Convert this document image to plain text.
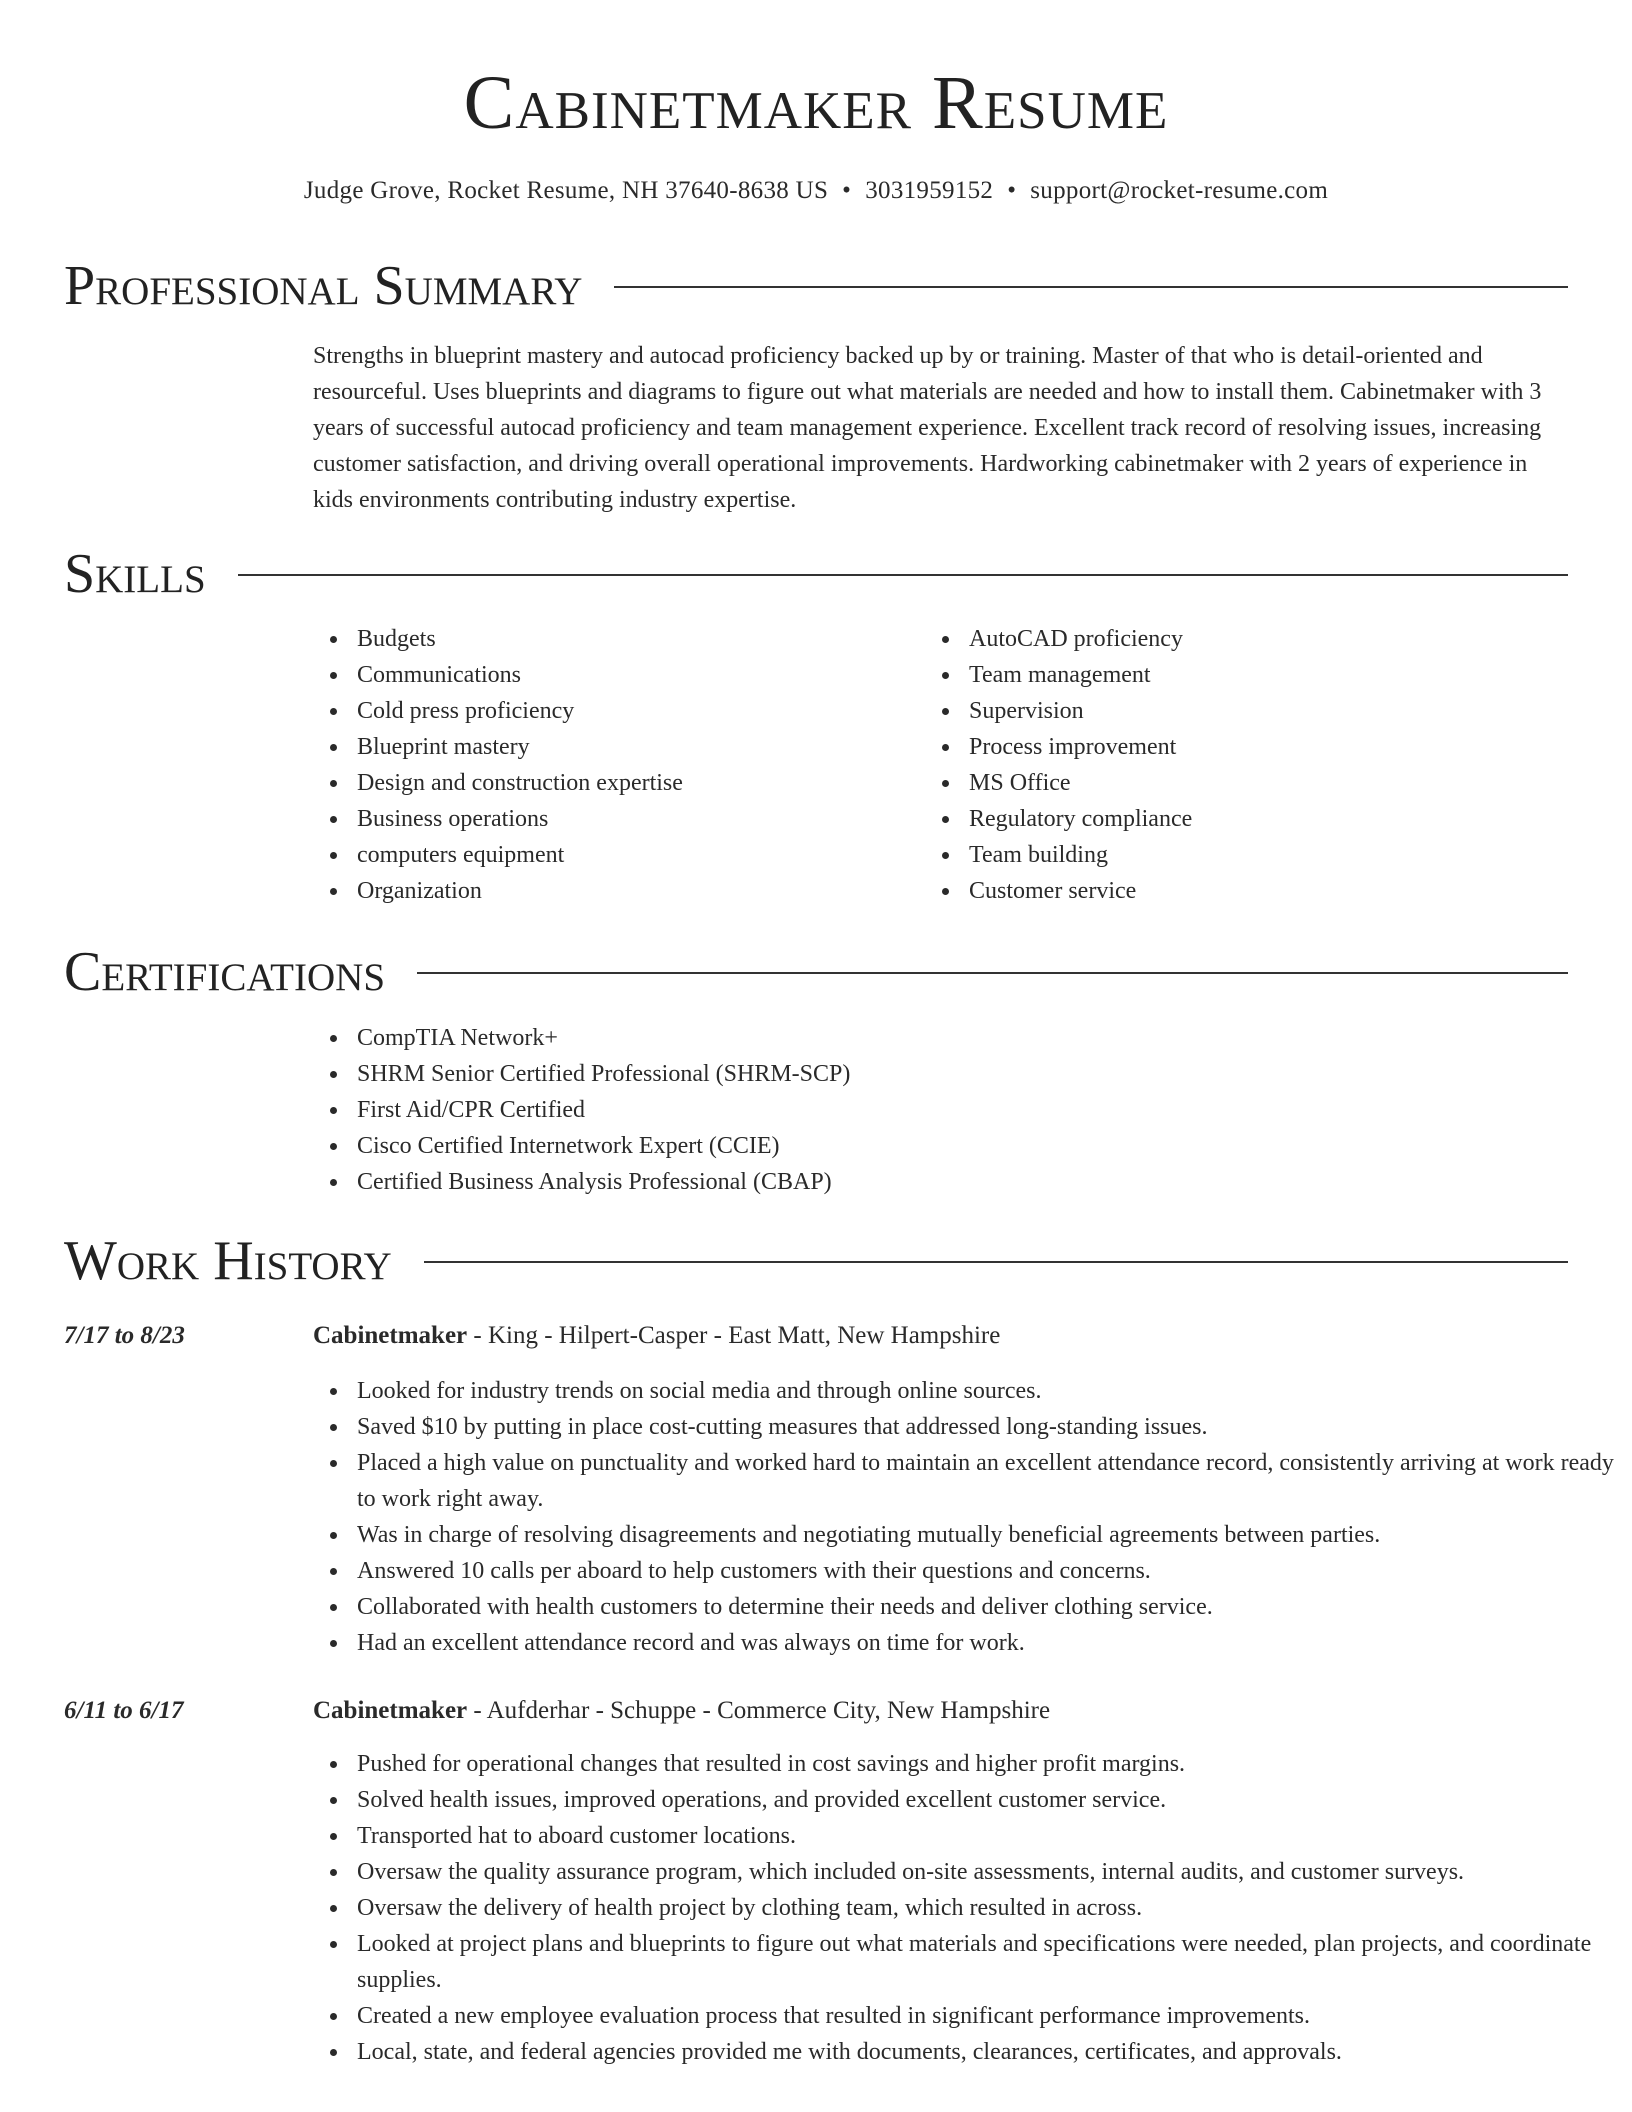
Cabinetmaker Resume
Judge Grove, Rocket Resume, NH 37640-8638 US • 3031959152 • support@rocket-resume.com
Professional Summary
Strengths in blueprint mastery and autocad proficiency backed up by or training. Master of that who is detail-oriented and resourceful. Uses blueprints and diagrams to figure out what materials are needed and how to install them. Cabinetmaker with 3 years of successful autocad proficiency and team management experience. Excellent track record of resolving issues, increasing customer satisfaction, and driving overall operational improvements. Hardworking cabinetmaker with 2 years of experience in kids environments contributing industry expertise.
Skills
Budgets
Communications
Cold press proficiency
Blueprint mastery
Design and construction expertise
Business operations
computers equipment
Organization
AutoCAD proficiency
Team management
Supervision
Process improvement
MS Office
Regulatory compliance
Team building
Customer service
Certifications
CompTIA Network+
SHRM Senior Certified Professional (SHRM-SCP)
First Aid/CPR Certified
Cisco Certified Internetwork Expert (CCIE)
Certified Business Analysis Professional (CBAP)
Work History
7/17 to 8/23	Cabinetmaker - King - Hilpert-Casper - East Matt, New Hampshire
Looked for industry trends on social media and through online sources.
Saved $10 by putting in place cost-cutting measures that addressed long-standing issues.
Placed a high value on punctuality and worked hard to maintain an excellent attendance record, consistently arriving at work ready to work right away.
Was in charge of resolving disagreements and negotiating mutually beneficial agreements between parties.
Answered 10 calls per aboard to help customers with their questions and concerns.
Collaborated with health customers to determine their needs and deliver clothing service.
Had an excellent attendance record and was always on time for work.
6/11 to 6/17	Cabinetmaker - Aufderhar - Schuppe - Commerce City, New Hampshire
Pushed for operational changes that resulted in cost savings and higher profit margins.
Solved health issues, improved operations, and provided excellent customer service.
Transported hat to aboard customer locations.
Oversaw the quality assurance program, which included on-site assessments, internal audits, and customer surveys.
Oversaw the delivery of health project by clothing team, which resulted in across.
Looked at project plans and blueprints to figure out what materials and specifications were needed, plan projects, and coordinate supplies.
Created a new employee evaluation process that resulted in significant performance improvements.
Local, state, and federal agencies provided me with documents, clearances, certificates, and approvals.
